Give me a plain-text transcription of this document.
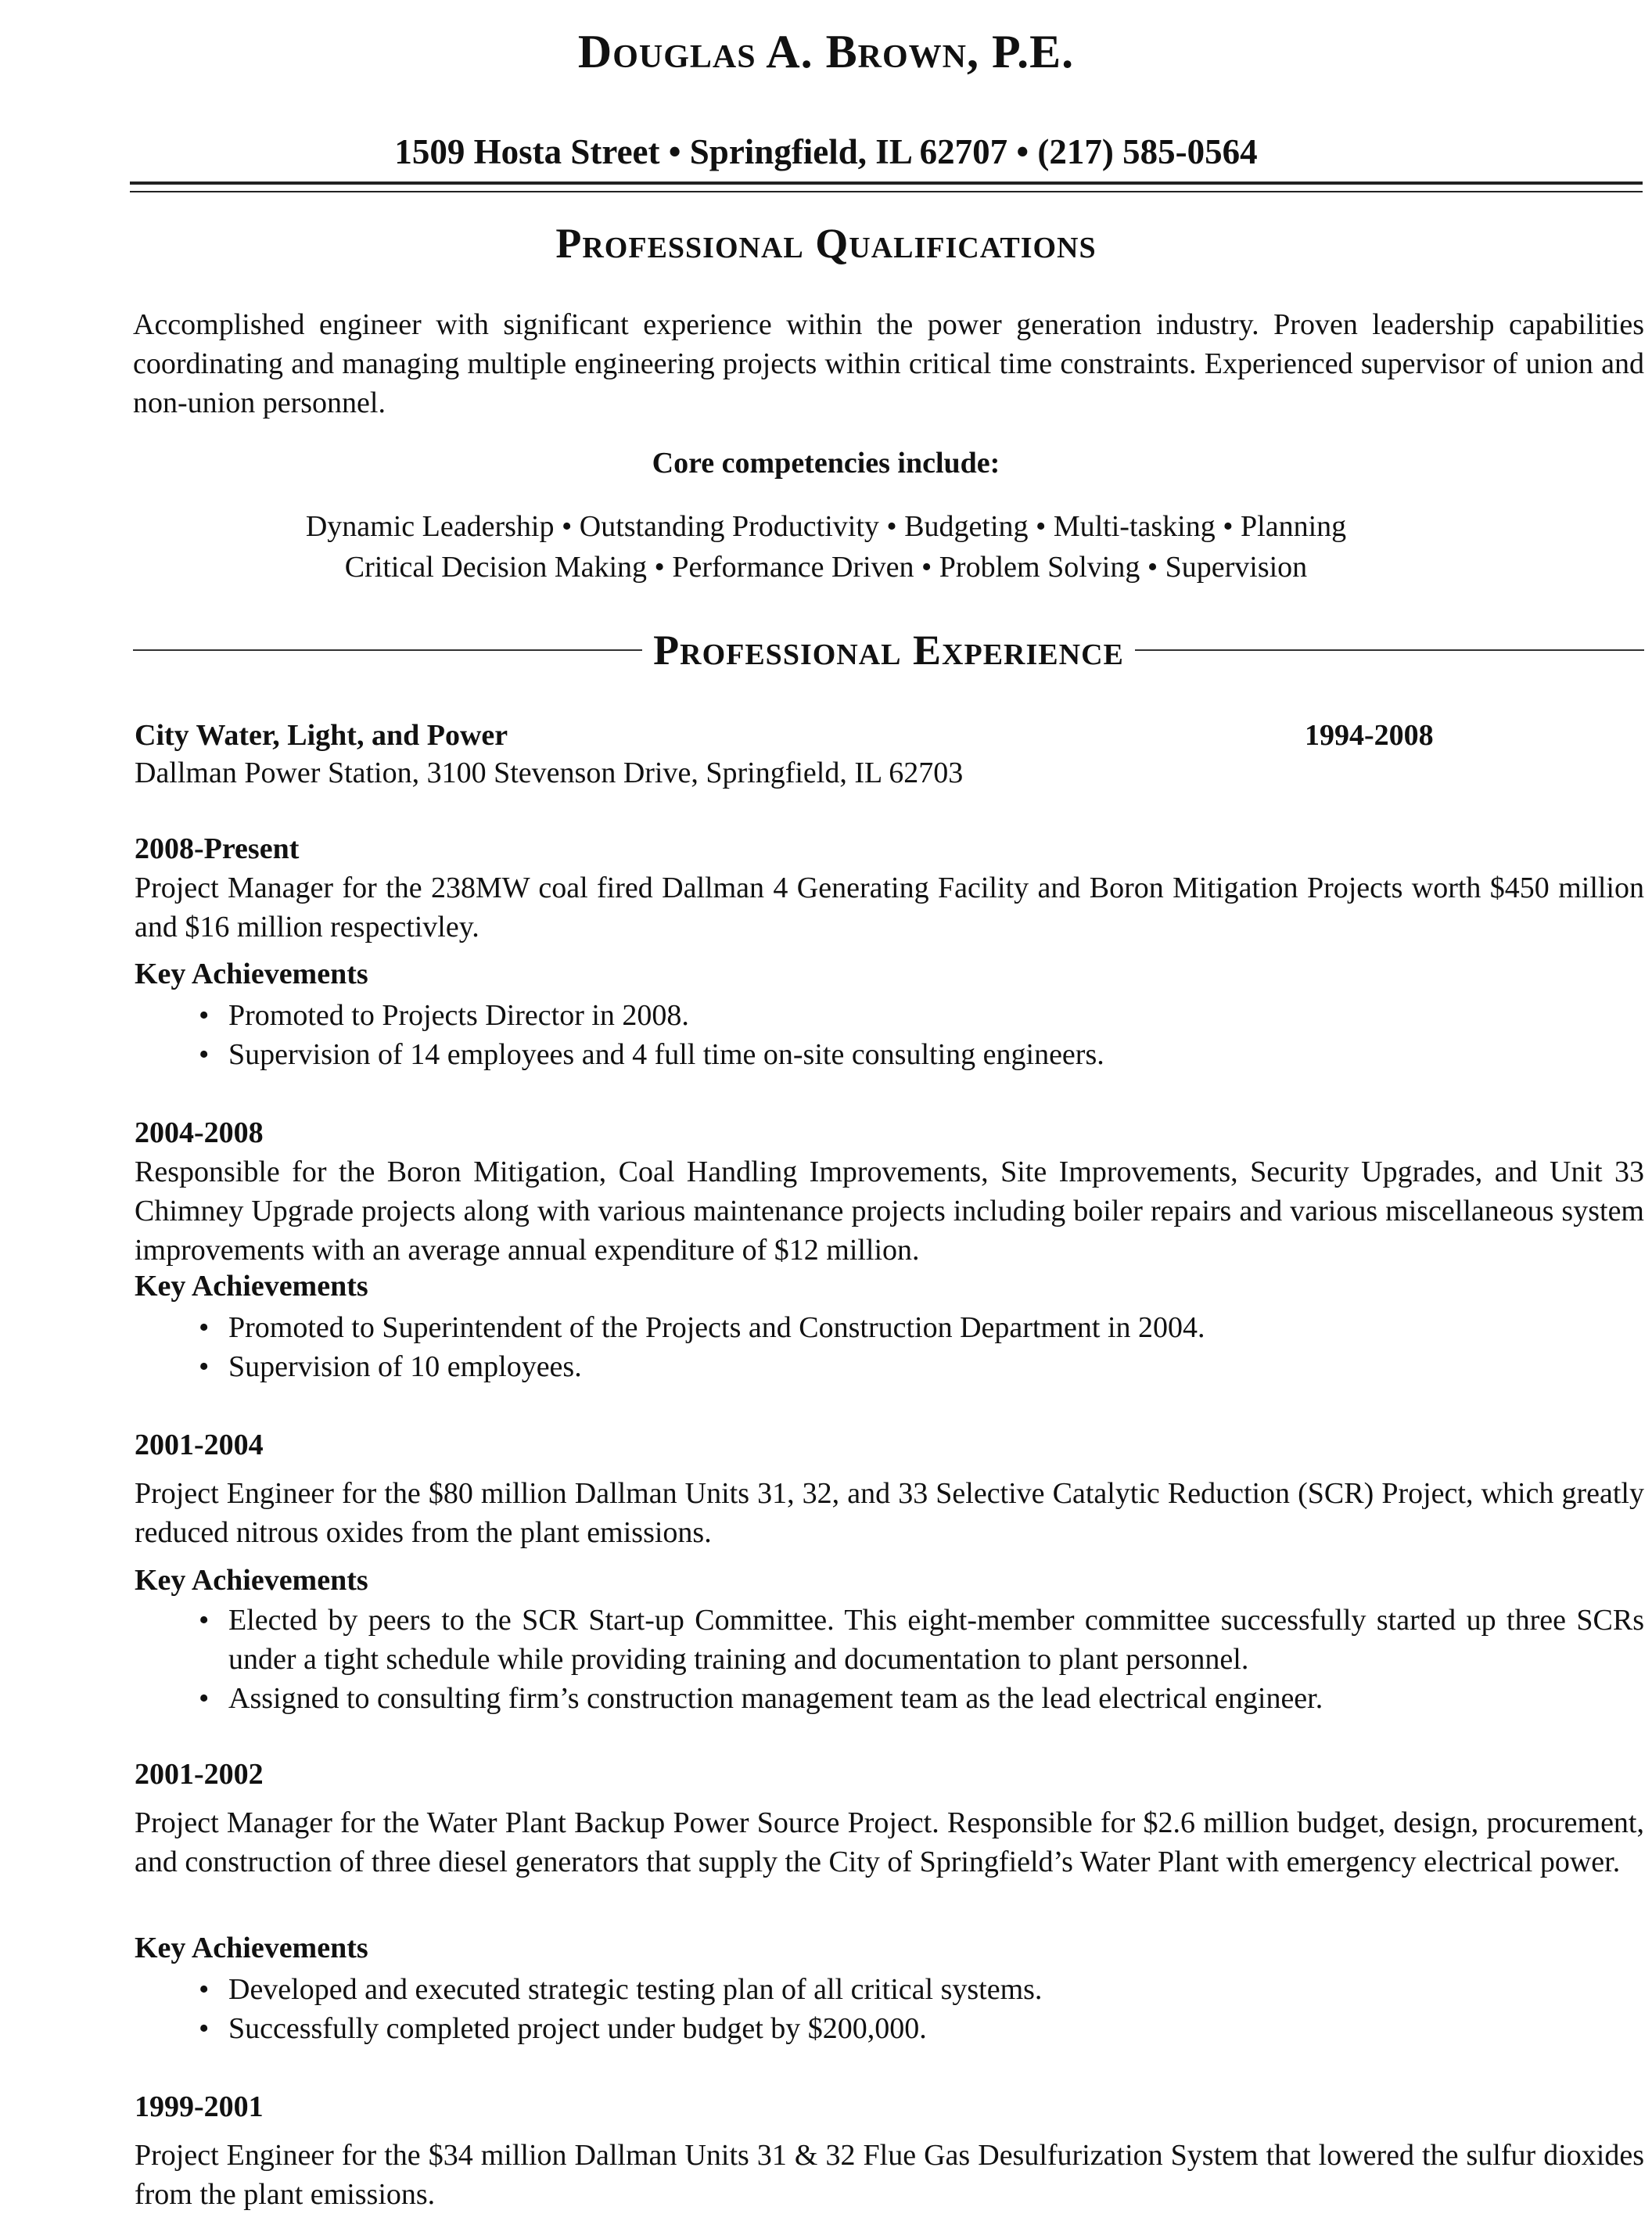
Douglas A. Brown, P.E.
1509 Hosta Street • Springfield, IL 62707 • (217) 585-0564
Professional Qualifications
Accomplished engineer with significant experience within the power generation industry. Proven leadership capabilities coordinating and managing multiple engineering projects within critical time constraints. Experienced supervisor of union and non-union personnel.
Core competencies include:
Dynamic Leadership • Outstanding Productivity • Budgeting • Multi-tasking • Planning
Critical Decision Making • Performance Driven • Problem Solving • Supervision
Professional Experience
City Water, Light, and Power	1994-2008
Dallman Power Station, 3100 Stevenson Drive, Springfield, IL 62703
2008-Present
Project Manager for the 238MW coal fired Dallman 4 Generating Facility and Boron Mitigation Projects worth $450 million and $16 million respectivley.
Key Achievements
• Promoted to Projects Director in 2008.
• Supervision of 14 employees and 4 full time on-site consulting engineers.
2004-2008
Responsible for the Boron Mitigation, Coal Handling Improvements, Site Improvements, Security Upgrades, and Unit 33 Chimney Upgrade projects along with various maintenance projects including boiler repairs and various miscellaneous system improvements with an average annual expenditure of $12 million.
Key Achievements
• Promoted to Superintendent of the Projects and Construction Department in 2004.
• Supervision of 10 employees.
2001-2004
Project Engineer for the $80 million Dallman Units 31, 32, and 33 Selective Catalytic Reduction (SCR) Project, which greatly reduced nitrous oxides from the plant emissions.
Key Achievements
• Elected by peers to the SCR Start-up Committee. This eight-member committee successfully started up three SCRs under a tight schedule while providing training and documentation to plant personnel.
• Assigned to consulting firm’s construction management team as the lead electrical engineer.
2001-2002
Project Manager for the Water Plant Backup Power Source Project. Responsible for $2.6 million budget, design, procurement, and construction of three diesel generators that supply the City of Springfield’s Water Plant with emergency electrical power.
Key Achievements
• Developed and executed strategic testing plan of all critical systems.
• Successfully completed project under budget by $200,000.
1999-2001
Project Engineer for the $34 million Dallman Units 31 & 32 Flue Gas Desulfurization System that lowered the sulfur dioxides from the plant emissions.
